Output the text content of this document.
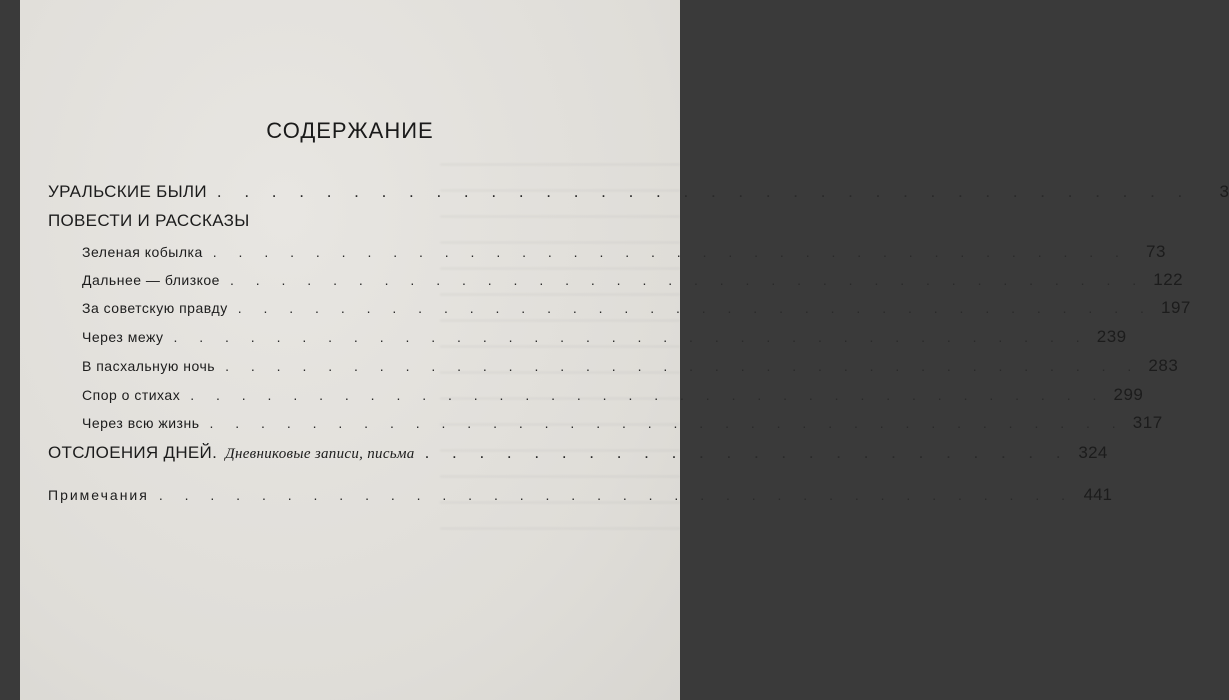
СОДЕРЖАНИЕ
УРАЛЬСКИЕ БЫЛИ . . . . . . . . . . . . . . . . . . . . . . . . . . . . . . . . . . . .	3
ПОВЕСТИ И РАССКАЗЫ
Зеленая кобылка . . . . . . . . . . . . . . . . . . . . . . . . . . . . . . . . . . . .	73
Дальнее — близкое . . . . . . . . . . . . . . . . . . . . . . . . . . . . . . . . . . . . 122
За советскую правду . . . . . . . . . . . . . . . . . . . . . . . . . . . . . . . . . . . . 197
Через межу . . . . . . . . . . . . . . . . . . . . . . . . . . . . . . . . . . . . 239
В пасхальную ночь . . . . . . . . . . . . . . . . . . . . . . . . . . . . . . . . . . . . 283
Спор о стихах . . . . . . . . . . . . . . . . . . . . . . . . . . . . . . . . . . . . 299
Через всю жизнь . . . . . . . . . . . . . . . . . . . . . . . . . . . . . . . . . . . . 317
ОТСЛОЕНИЯ ДНЕЙ. Дневниковые записи, письма . . . . . . . . . . . . . . . . . . . . . . . . 324
Примечания . . . . . . . . . . . . . . . . . . . . . . . . . . . . . . . . . . . . 441
